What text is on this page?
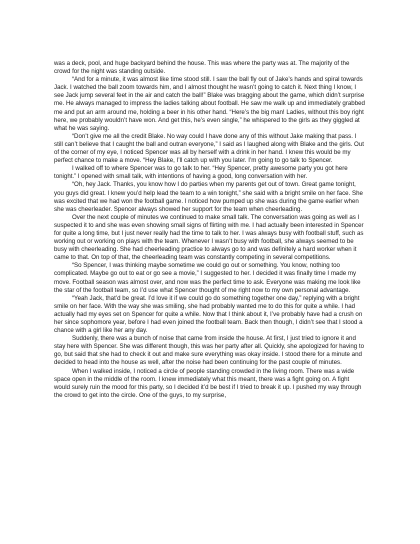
was a deck, pool, and huge backyard behind the house. This was where the party was at. The majority of the crowd for the night was standing outside.

“And for a minute, it was almost like time stood still. I saw the ball fly out of Jake’s hands and spiral towards Jack. I watched the ball zoom towards him, and I almost thought he wasn’t going to catch it. Next thing I know, I see Jack jump several feet in the air and catch the ball!” Blake was bragging about the game, which didn’t surprise me. He always managed to impress the ladies talking about football. He saw me walk up and immediately grabbed me and put an arm around me, holding a beer in his other hand. “Here’s the big man! Ladies, without this boy right here, we probably wouldn’t have won. And get this, he’s even single,” he whispered to the girls as they giggled at what he was saying.

“Don’t give me all the credit Blake. No way could I have done any of this without Jake making that pass. I still can’t believe that I caught the ball and outran everyone,” I said as I laughed along with Blake and the girls. Out of the corner of my eye, I noticed Spencer was all by herself with a drink in her hand. I knew this would be my perfect chance to make a move. “Hey Blake, I’ll catch up with you later. I’m going to go talk to Spencer.

I walked off to where Spencer was to go talk to her. “Hey Spencer, pretty awesome party you got here tonight.” I opened with small talk, with intentions of having a good, long conversation with her.

“Oh, hey Jack. Thanks, you know how I do parties when my parents get out of town. Great game tonight, you guys did great. I knew you’d help lead the team to a win tonight,” she said with a bright smile on her face. She was excited that we had won the football game. I noticed how pumped up she was during the game earlier when she was cheerleader. Spencer always showed her support for the team when cheerleading.

Over the next couple of minutes we continued to make small talk. The conversation was going as well as I suspected it to and she was even showing small signs of flirting with me. I had actually been interested in Spencer for quite a long time, but I just never really had the time to talk to her. I was always busy with football stuff, such as working out or working on plays with the team. Whenever I wasn’t busy with football, she always seemed to be busy with cheerleading. She had cheerleading practice to always go to and was definitely a hard worker when it came to that. On top of that, the cheerleading team was constantly competing in several competitions.

“So Spencer, I was thinking maybe sometime we could go out or something. You know, nothing too complicated. Maybe go out to eat or go see a movie,” I suggested to her. I decided it was finally time I made my move. Football season was almost over, and now was the perfect time to ask. Everyone was making me look like the star of the football team, so I’d use what Spencer thought of me right now to my own personal advantage.

“Yeah Jack, that’d be great. I’d love it if we could go do something together one day,” replying with a bright smile on her face. With the way she was smiling, she had probably wanted me to do this for quite a while. I had actually had my eyes set on Spencer for quite a while. Now that I think about it, I’ve probably have had a crush on her since sophomore year, before I had even joined the football team. Back then though, I didn’t see that I stood a chance with a girl like her any day.

Suddenly, there was a bunch of noise that came from inside the house. At first, I just tried to ignore it and stay here with Spencer. She was different though, this was her party after all. Quickly, she apologized for having to go, but said that she had to check it out and make sure everything was okay inside. I stood there for a minute and decided to head into the house as well, after the noise had been continuing for the past couple of minutes.

When I walked inside, I noticed a circle of people standing crowded in the living room. There was a wide space open in the middle of the room. I knew immediately what this meant, there was a fight going on. A fight would surely ruin the mood for this party, so I decided it’d be best if I tried to break it up. I pushed my way through the crowd to get into the circle. One of the guys, to my surprise,
